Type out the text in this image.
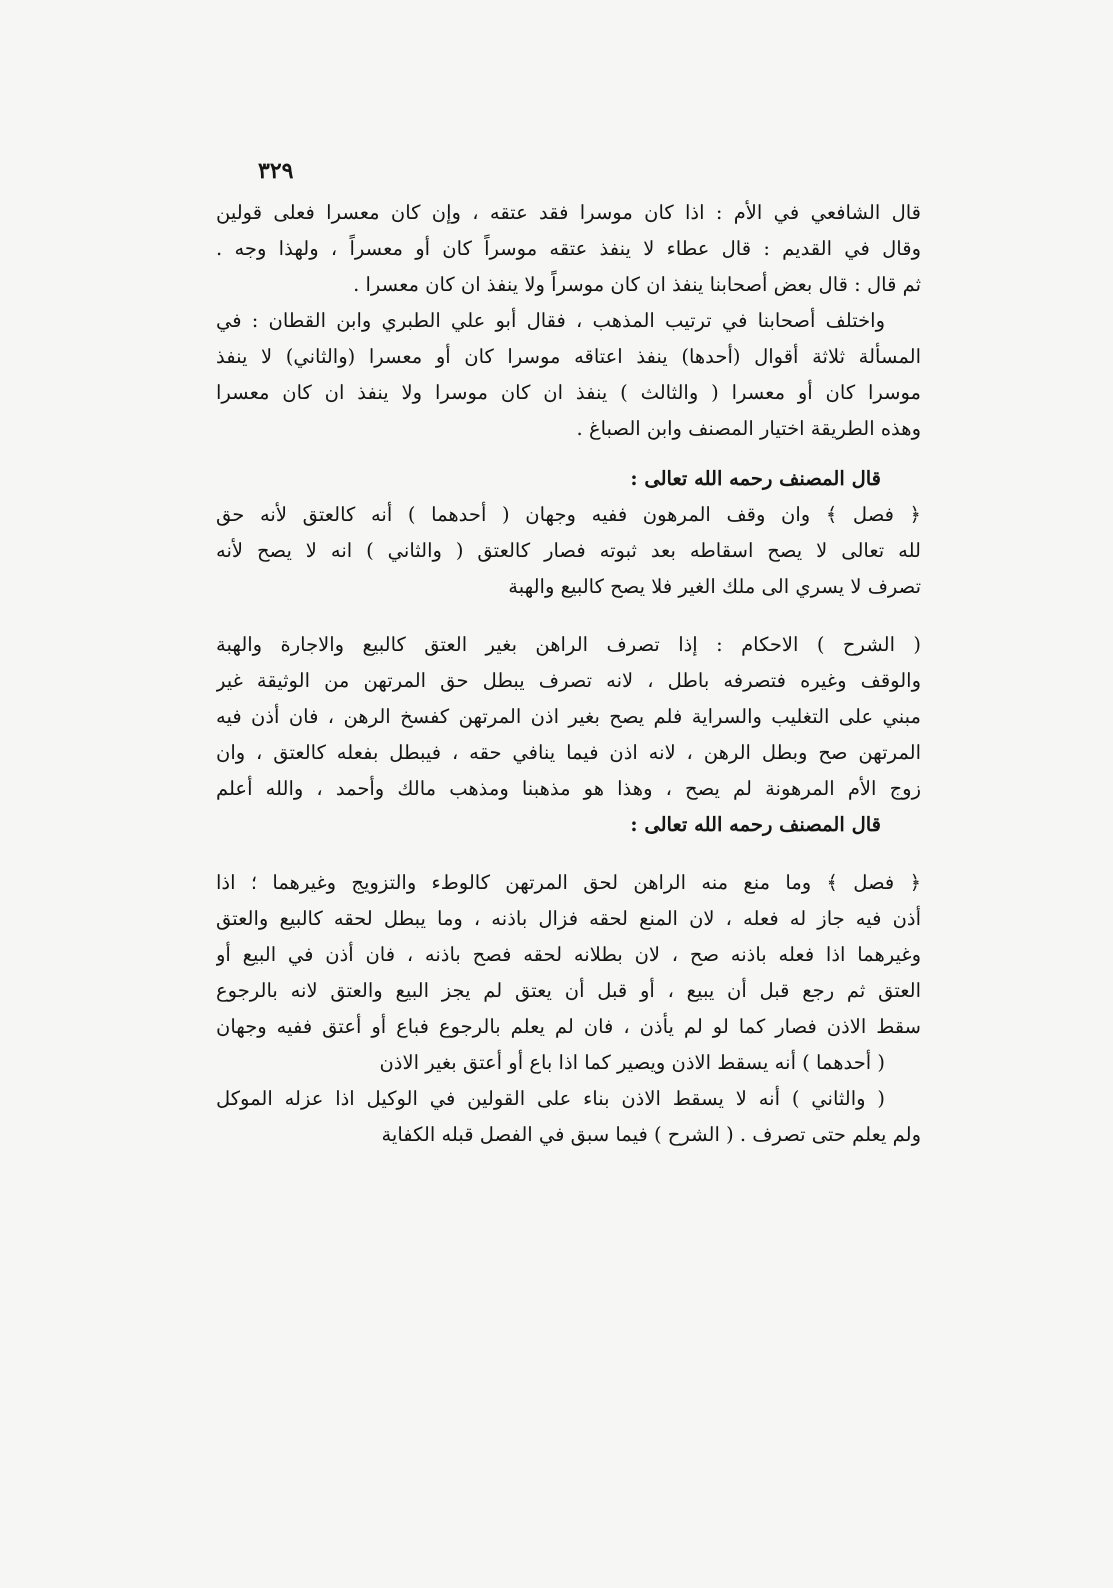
٣٢٩
قال الشافعي في الأم : اذا كان موسرا فقد عتقه ، وإن كان معسرا فعلى قولين
وقال في القديم : قال عطاء لا ينفذ عتقه موسراً كان أو معسراً ، ولهذا وجه .
ثم قال : قال بعض أصحابنا ينفذ ان كان موسراً ولا ينفذ ان كان معسرا .
واختلف أصحابنا في ترتيب المذهب ، فقال أبو علي الطبري وابن القطان : في
المسألة ثلاثة أقوال (أحدها) ينفذ اعتاقه موسرا كان أو معسرا (والثاني) لا ينفذ
موسرا كان أو معسرا ( والثالث ) ينفذ ان كان موسرا ولا ينفذ ان كان معسرا
وهذه الطريقة اختيار المصنف وابن الصباغ .
قال المصنف رحمه الله تعالى :
﴿ فصل ﴾ وان وقف المرهون ففيه وجهان ( أحدهما ) أنه كالعتق لأنه حق
لله تعالى لا يصح اسقاطه بعد ثبوته فصار كالعتق ( والثاني ) انه لا يصح لأنه
تصرف لا يسري الى ملك الغير فلا يصح كالبيع والهبة
( الشرح ) الاحكام : إذا تصرف الراهن بغير العتق كالبيع والاجارة والهبة
والوقف وغيره فتصرفه باطل ، لانه تصرف يبطل حق المرتهن من الوثيقة غير
مبني على التغليب والسراية فلم يصح بغير اذن المرتهن كفسخ الرهن ، فان أذن فيه
المرتهن صح وبطل الرهن ، لانه اذن فيما ينافي حقه ، فيبطل بفعله كالعتق ، وان
زوج الأم المرهونة لم يصح ، وهذا هو مذهبنا ومذهب مالك وأحمد ، والله أعلم
قال المصنف رحمه الله تعالى :
﴿ فصل ﴾ وما منع منه الراهن لحق المرتهن كالوطء والتزويج وغيرهما ؛ اذا
أذن فيه جاز له فعله ، لان المنع لحقه فزال باذنه ، وما يبطل لحقه كالبيع والعتق
وغيرهما اذا فعله باذنه صح ، لان بطلانه لحقه فصح باذنه ، فان أذن في البيع أو
العتق ثم رجع قبل أن يبيع ، أو قبل أن يعتق لم يجز البيع والعتق لانه بالرجوع
سقط الاذن فصار كما لو لم يأذن ، فان لم يعلم بالرجوع فباع أو أعتق ففيه وجهان
( أحدهما ) أنه يسقط الاذن ويصير كما اذا باع أو أعتق بغير الاذن
( والثاني ) أنه لا يسقط الاذن بناء على القولين في الوكيل اذا عزله الموكل
ولم يعلم حتى تصرف . ( الشرح ) فيما سبق في الفصل قبله الكفاية
